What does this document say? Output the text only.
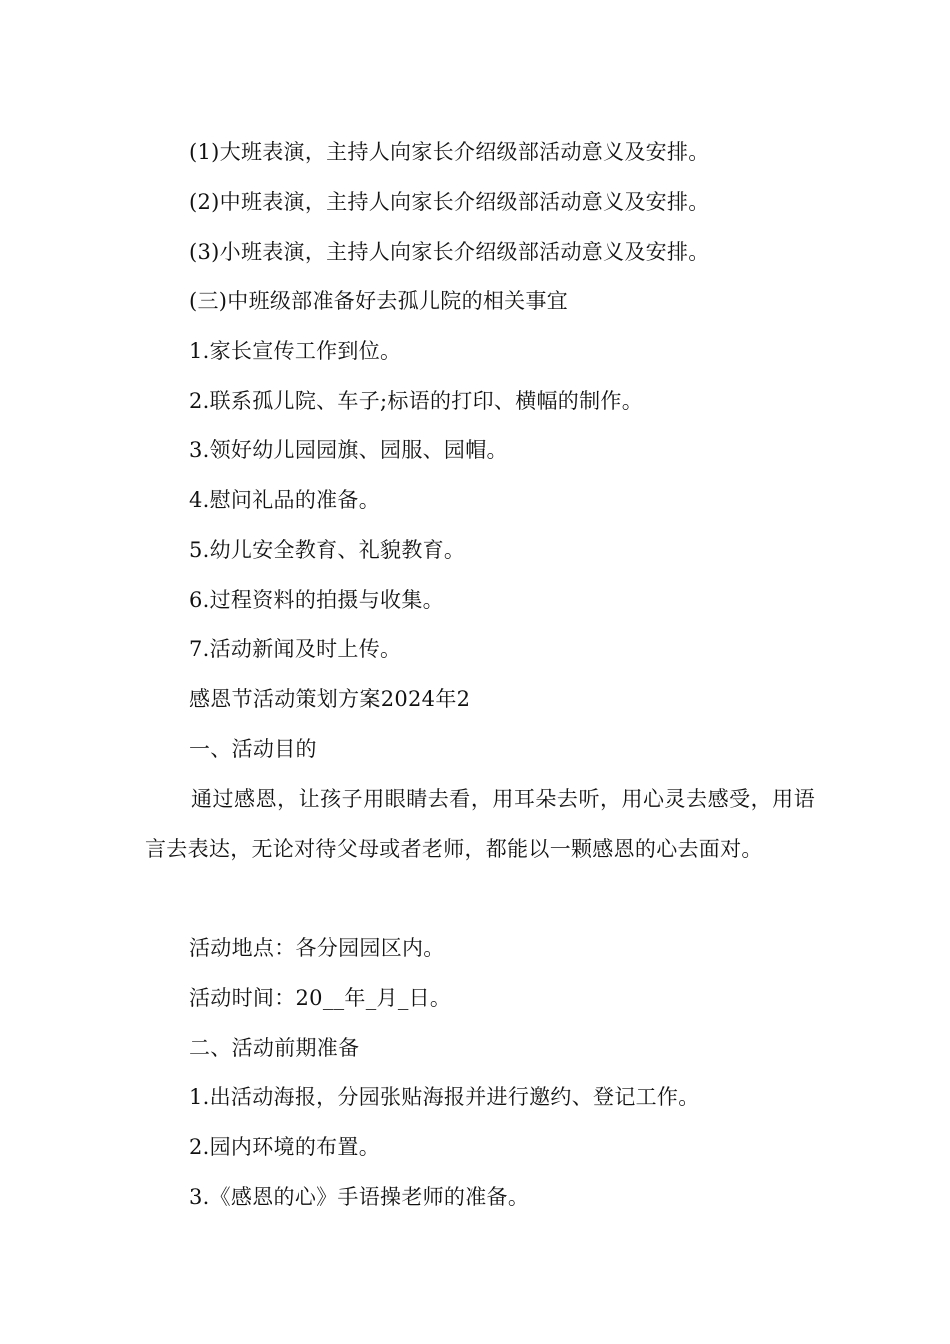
(1)大班表演，主持人向家长介绍级部活动意义及安排。
(2)中班表演，主持人向家长介绍级部活动意义及安排。
(3)小班表演，主持人向家长介绍级部活动意义及安排。
(三)中班级部准备好去孤儿院的相关事宜
1.家长宣传工作到位。
2.联系孤儿院、车子;标语的打印、横幅的制作。
3.领好幼儿园园旗、园服、园帽。
4.慰问礼品的准备。
5.幼儿安全教育、礼貌教育。
6.过程资料的拍摄与收集。
7.活动新闻及时上传。
感恩节活动策划方案2024年2
一、活动目的
通过感恩，让孩子用眼睛去看，用耳朵去听，用心灵去感受，用语言去表达，无论对待父母或者老师，都能以一颗感恩的心去面对。
活动地点：各分园园区内。
活动时间：20__年_月_日。
二、活动前期准备
1.出活动海报，分园张贴海报并进行邀约、登记工作。
2.园内环境的布置。
3.《感恩的心》手语操老师的准备。
